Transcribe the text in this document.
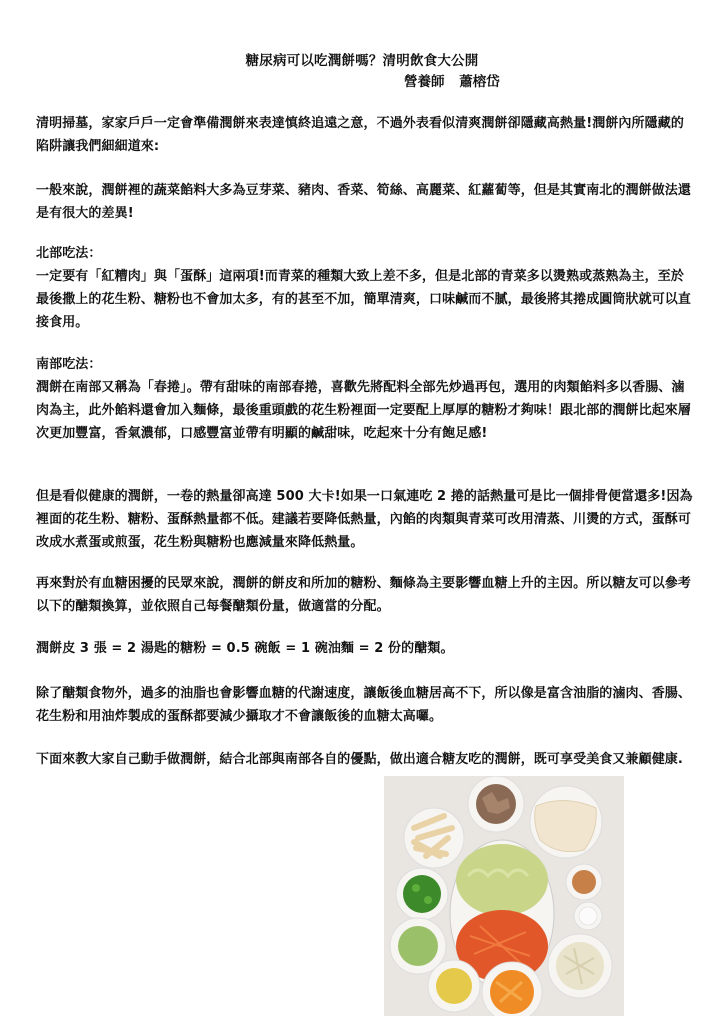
糖尿病可以吃潤餅嗎？清明飲食大公開
營養師 蕭榕岱

清明掃墓，家家戶戶一定會準備潤餅來表達慎終追遠之意，不過外表看似清爽潤餅卻隱藏高熱量!潤餅內所隱藏的陷阱讓我們細細道來:

一般來說，潤餅裡的蔬菜餡料大多為豆芽菜、豬肉、香菜、筍絲、高麗菜、紅蘿蔔等，但是其實南北的潤餅做法還是有很大的差異!

北部吃法：
一定要有「紅糟肉」與「蛋酥」這兩項!而青菜的種類大致上差不多，但是北部的青菜多以燙熟或蒸熟為主，至於最後撒上的花生粉、糖粉也不會加太多，有的甚至不加，簡單清爽，口味鹹而不膩，最後將其捲成圓筒狀就可以直接食用。
南部吃法：
潤餅在南部又稱為「春捲」。帶有甜味的南部春捲，喜歡先將配料全部先炒過再包，選用的肉類餡料多以香腸、滷肉為主，此外餡料還會加入麵條，最後重頭戲的花生粉裡面一定要配上厚厚的糖粉才夠味！跟北部的潤餅比起來層次更加豐富，香氣濃郁，口感豐富並帶有明顯的鹹甜味，吃起來十分有飽足感!

但是看似健康的潤餅，一卷的熱量卻高達 500 大卡!如果一口氣連吃 2 捲的話熱量可是比一個排骨便當還多!因為裡面的花生粉、糖粉、蛋酥熱量都不低。建議若要降低熱量，內餡的肉類與青菜可改用清蒸、川燙的方式，蛋酥可改成水煮蛋或煎蛋，花生粉與糖粉也應減量來降低熱量。

再來對於有血糖困擾的民眾來說，潤餅的餅皮和所加的糖粉、麵條為主要影響血糖上升的主因。所以糖友可以參考以下的醣類換算，並依照自己每餐醣類份量，做適當的分配。

潤餅皮 3 張 = 2 湯匙的糖粉 = 0.5 碗飯 = 1 碗油麵 = 2 份的醣類。

除了醣類食物外，過多的油脂也會影響血糖的代謝速度，讓飯後血糖居高不下，所以像是富含油脂的滷肉、香腸、花生粉和用油炸製成的蛋酥都要減少攝取才不會讓飯後的血糖太高囉。

下面來教大家自己動手做潤餅，結合北部與南部各自的優點，做出適合糖友吃的潤餅，既可享受美食又兼顧健康.
